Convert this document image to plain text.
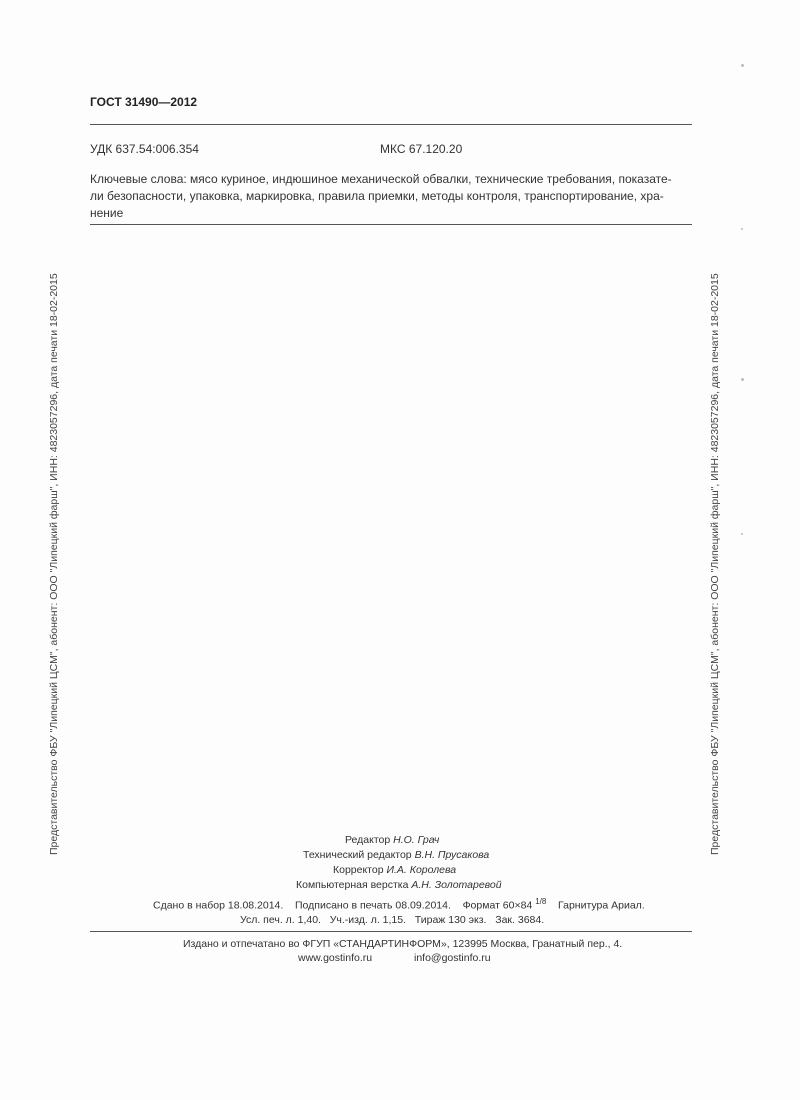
ГОСТ 31490—2012
УДК 637.54:006.354	МКС 67.120.20
Ключевые слова: мясо куриное, индюшиное механической обвалки, технические требования, показате-
ли безопасности, упаковка, маркировка, правила приемки, методы контроля, транспортирование, хра-
нение
Представительство ФБУ "Липецкий ЦСМ", абонент: ООО "Липецкий фарш", ИНН: 4823057296, дата печати 18-02-2015	Представительство ФБУ "Липецкий ЦСМ", абонент: ООО "Липецкий фарш", ИНН: 4823057296, дата печати 18-02-2015
Редактор Н.О. Грач
Технический редактор В.Н. Прусакова
Корректор И.А. Королева
Компьютерная верстка А.Н. Золотаревой
Сдано в набор 18.08.2014. Подписано в печать 08.09.2014. Формат 60×84 1/8 Гарнитура Ариал.
Усл. печ. л. 1,40. Уч.-изд. л. 1,15. Тираж 130 экз. Зак. 3684.
Издано и отпечатано во ФГУП «СТАНДАРТИНФОРМ», 123995 Москва, Гранатный пер., 4.
www.gostinfo.ru	info@gostinfo.ru
